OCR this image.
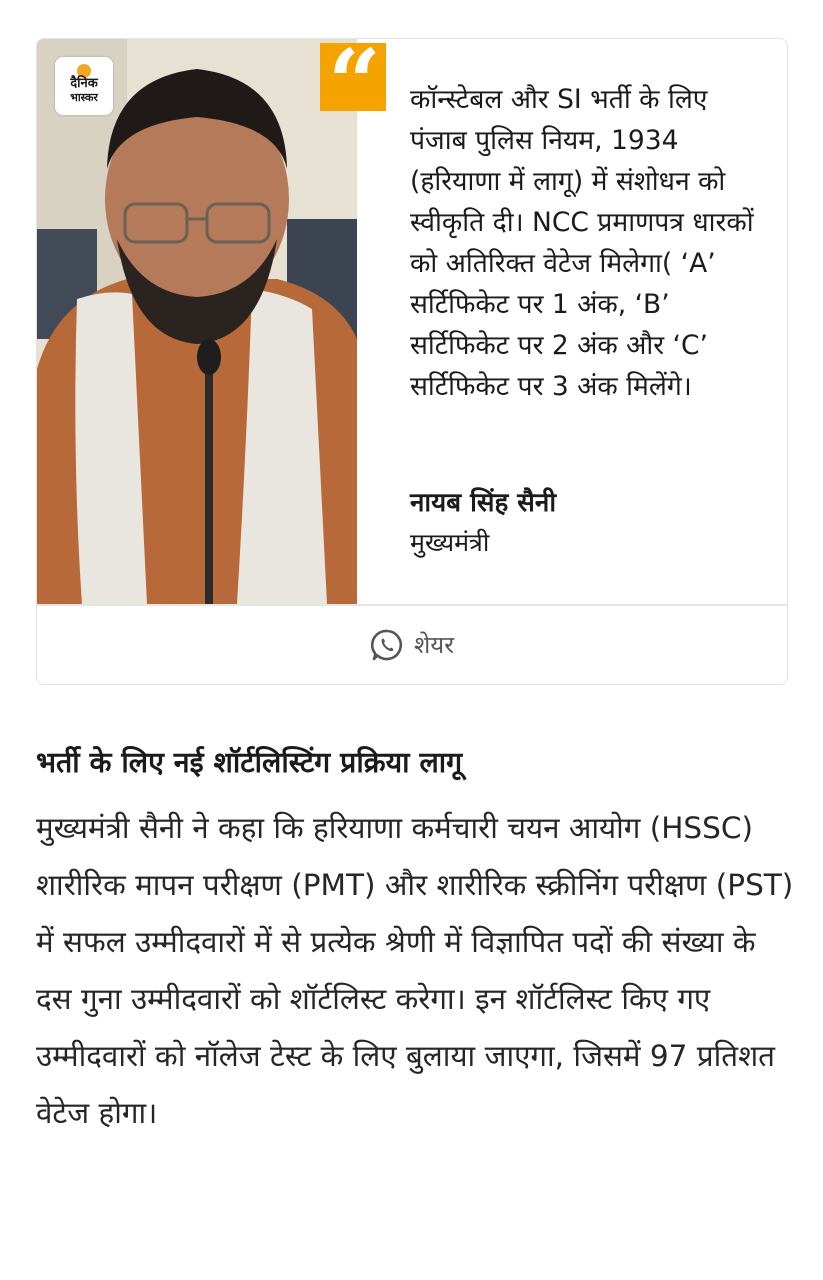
दैनिक
भास्कर	“ कॉन्स्टेबल और SI भर्ती के लिए पंजाब पुलिस नियम, 1934 (हरियाणा में लागू) में संशोधन को स्वीकृति दी। NCC प्रमाणपत्र धारकों को अतिरिक्त वेटेज मिलेगा( ‘A’ सर्टिफिकेट पर 1 अंक, ‘B’ सर्टिफिकेट पर 2 अंक और ‘C’ सर्टिफिकेट पर 3 अंक मिलेंगे।
नायब सिंह सैनी
मुख्यमंत्री
शेयर
भर्ती के लिए नई शॉर्टलिस्टिंग प्रक्रिया लागू
मुख्यमंत्री सैनी ने कहा कि हरियाणा कर्मचारी चयन आयोग (HSSC) शारीरिक मापन परीक्षण (PMT) और शारीरिक स्क्रीनिंग परीक्षण (PST) में सफल उम्मीदवारों में से प्रत्येक श्रेणी में विज्ञापित पदों की संख्या के दस गुना उम्मीदवारों को शॉर्टलिस्ट करेगा। इन शॉर्टलिस्ट किए गए उम्मीदवारों को नॉलेज टेस्ट के लिए बुलाया जाएगा, जिसमें 97 प्रतिशत वेटेज होगा।
